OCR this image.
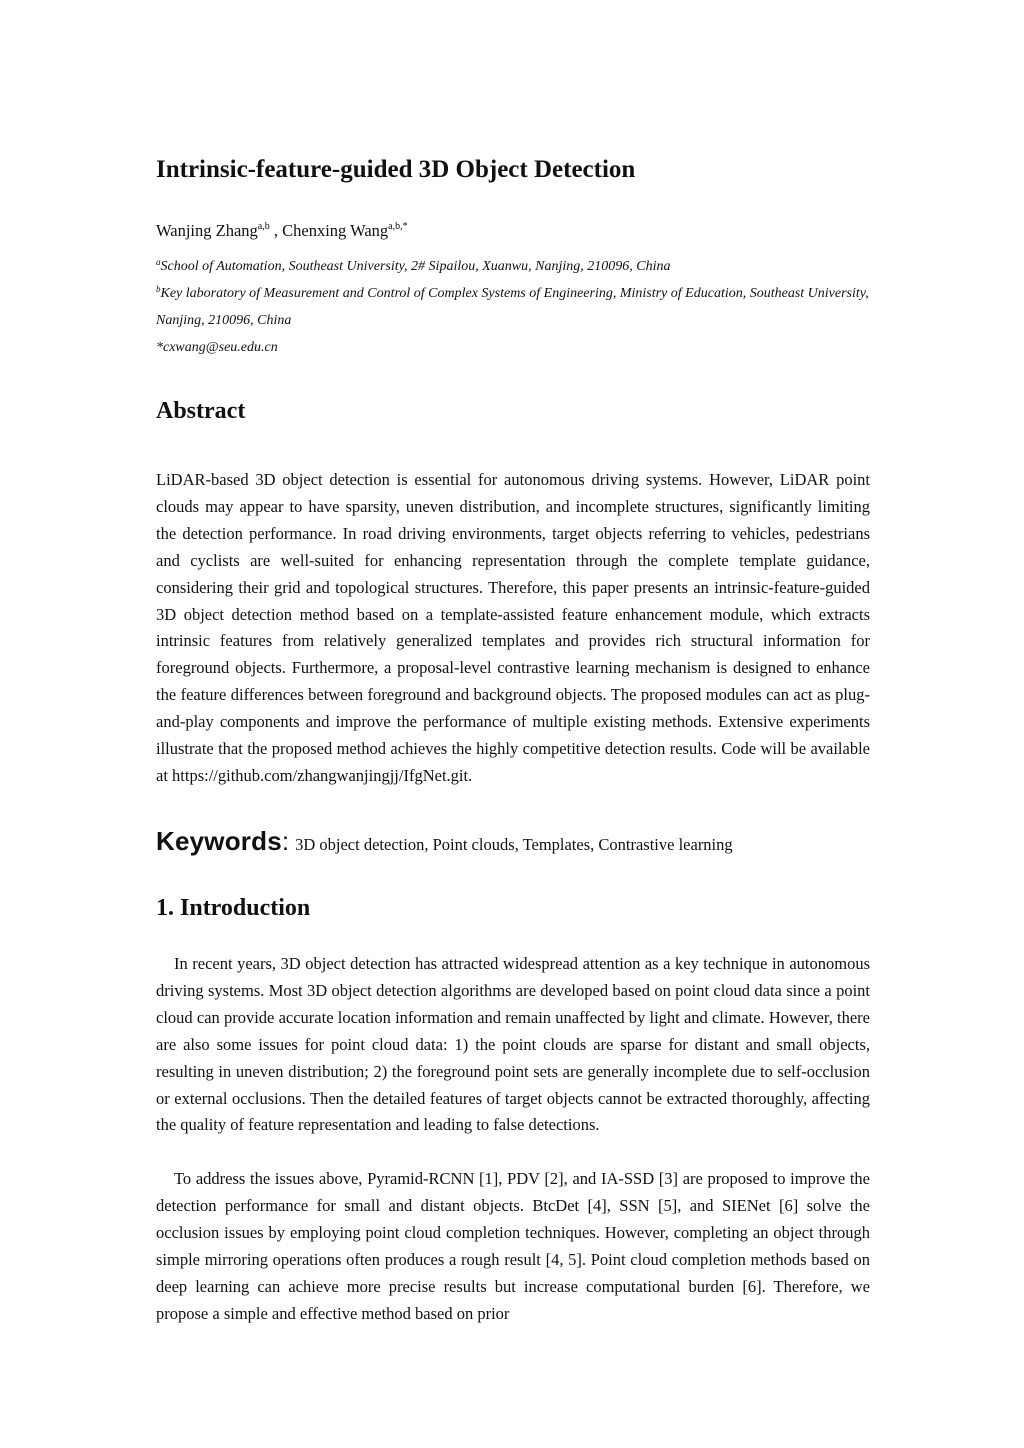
Intrinsic-feature-guided 3D Object Detection
Wanjing Zhang$^{a,b}$ , Chenxing Wang$^{a,b,*}$
$^a$School of Automation, Southeast University, 2# Sipailou, Xuanwu, Nanjing, 210096, China
$^b$Key laboratory of Measurement and Control of Complex Systems of Engineering, Ministry of Education, Southeast University, Nanjing, 210096, China
*cxwang@seu.edu.cn
Abstract

LiDAR-based 3D object detection is essential for autonomous driving systems. However, LiDAR point clouds may appear to have sparsity, uneven distribution, and incomplete structures, significantly limiting the detection performance. In road driving environments, target objects referring to vehicles, pedestrians and cyclists are well-suited for enhancing representation through the complete template guidance, considering their grid and topological structures. Therefore, this paper presents an intrinsic-feature-guided 3D object detection method based on a template-assisted feature enhancement module, which extracts intrinsic features from relatively generalized templates and provides rich structural information for foreground objects. Furthermore, a proposal-level contrastive learning mechanism is designed to enhance the feature differences between foreground and background objects. The proposed modules can act as plug-and-play components and improve the performance of multiple existing methods. Extensive experiments illustrate that the proposed method achieves the highly competitive detection results. Code will be available at https://github.com/zhangwanjingjj/IfgNet.git.

Keywords: 3D object detection, Point clouds, Templates, Contrastive learning
1. Introduction

In recent years, 3D object detection has attracted widespread attention as a key technique in autonomous driving systems. Most 3D object detection algorithms are developed based on point cloud data since a point cloud can provide accurate location information and remain unaffected by light and climate. However, there are also some issues for point cloud data: 1) the point clouds are sparse for distant and small objects, resulting in uneven distribution; 2) the foreground point sets are generally incomplete due to self-occlusion or external occlusions. Then the detailed features of target objects cannot be extracted thoroughly, affecting the quality of feature representation and leading to false detections.

To address the issues above, Pyramid-RCNN [1], PDV [2], and IA-SSD [3] are proposed to improve the detection performance for small and distant objects. BtcDet [4], SSN [5], and SIENet [6] solve the occlusion issues by employing point cloud completion techniques. However, completing an object through simple mirroring operations often produces a rough result [4, 5]. Point cloud completion methods based on deep learning can achieve more precise results but increase computational burden [6]. Therefore, we propose a simple and effective method based on prior
